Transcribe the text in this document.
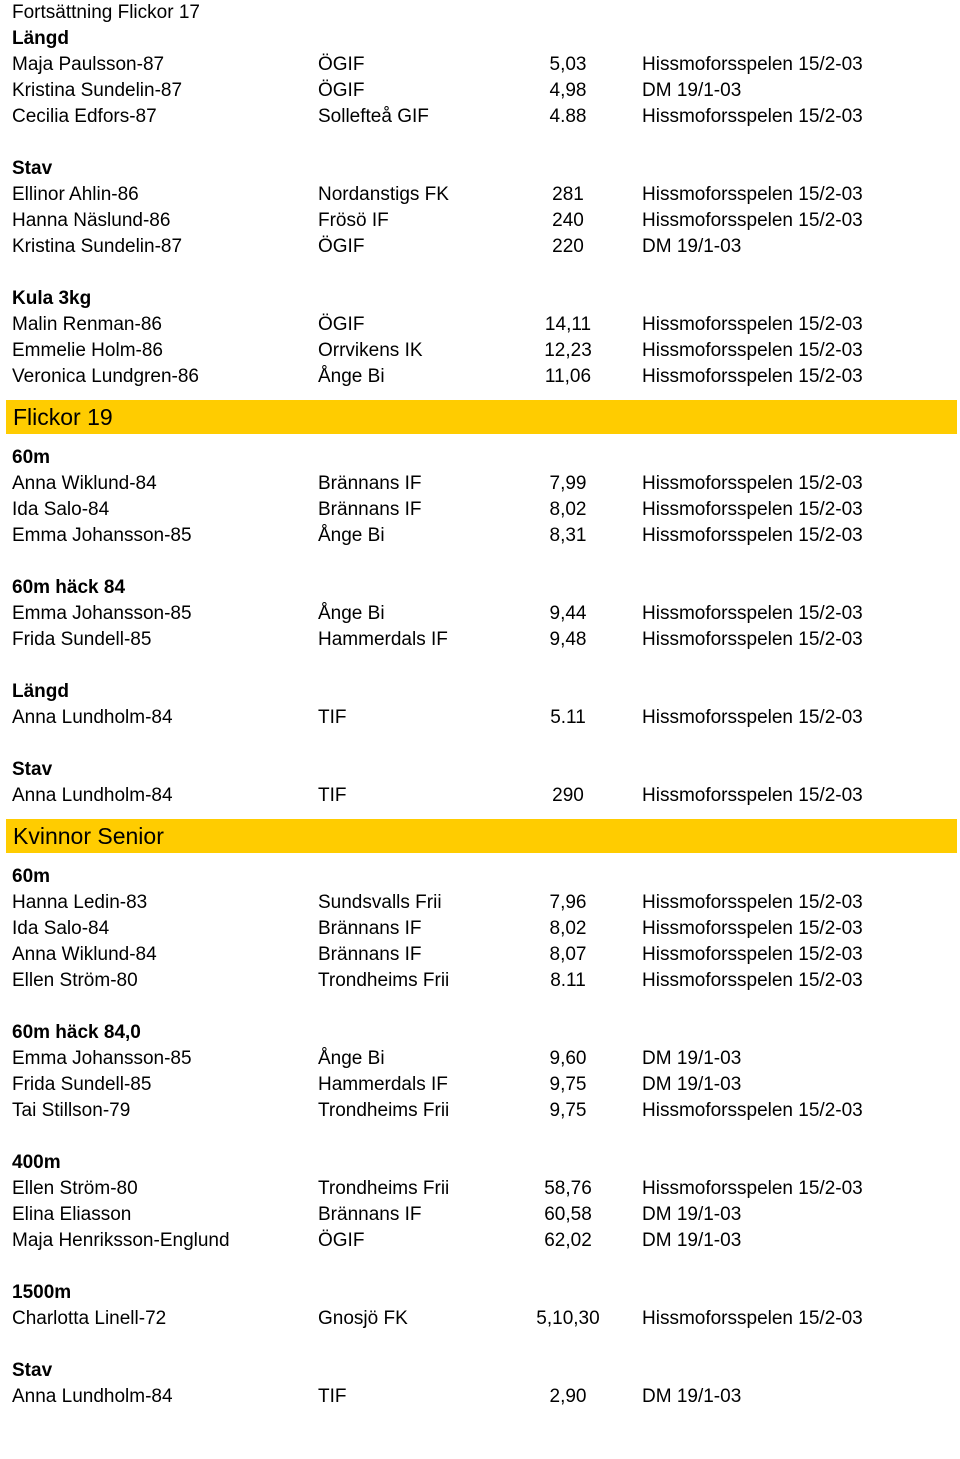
Fortsättning Flickor 17
Längd
Maja Paulsson-87	ÖGIF	5,03	Hissmoforsspelen 15/2-03
Kristina Sundelin-87	ÖGIF	4,98	DM 19/1-03
Cecilia Edfors-87	Sollefteå GIF	4.88	Hissmoforsspelen 15/2-03
Stav
Ellinor Ahlin-86	Nordanstigs FK	281	Hissmoforsspelen 15/2-03
Hanna Näslund-86	Frösö IF	240	Hissmoforsspelen 15/2-03
Kristina Sundelin-87	ÖGIF	220	DM 19/1-03
Kula 3kg
Malin Renman-86	ÖGIF	14,11	Hissmoforsspelen 15/2-03
Emmelie Holm-86	Orrvikens IK	12,23	Hissmoforsspelen 15/2-03
Veronica Lundgren-86	Ånge Bi	11,06	Hissmoforsspelen 15/2-03
Flickor 19
60m
Anna Wiklund-84	Brännans IF	7,99	Hissmoforsspelen 15/2-03
Ida Salo-84	Brännans IF	8,02	Hissmoforsspelen 15/2-03
Emma Johansson-85	Ånge Bi	8,31	Hissmoforsspelen 15/2-03
60m häck 84
Emma Johansson-85	Ånge Bi	9,44	Hissmoforsspelen 15/2-03
Frida Sundell-85	Hammerdals IF	9,48	Hissmoforsspelen 15/2-03
Längd
Anna Lundholm-84	TIF	5.11	Hissmoforsspelen 15/2-03
Stav
Anna Lundholm-84	TIF	290	Hissmoforsspelen 15/2-03
Kvinnor Senior
60m
Hanna Ledin-83	Sundsvalls Frii	7,96	Hissmoforsspelen 15/2-03
Ida Salo-84	Brännans IF	8,02	Hissmoforsspelen 15/2-03
Anna Wiklund-84	Brännans IF	8,07	Hissmoforsspelen 15/2-03
Ellen Ström-80	Trondheims Frii	8.11	Hissmoforsspelen 15/2-03
60m häck 84,0
Emma Johansson-85	Ånge Bi	9,60	DM 19/1-03
Frida Sundell-85	Hammerdals IF	9,75	DM 19/1-03
Tai Stillson-79	Trondheims Frii	9,75	Hissmoforsspelen 15/2-03
400m
Ellen Ström-80	Trondheims Frii	58,76	Hissmoforsspelen 15/2-03
Elina Eliasson	Brännans IF	60,58	DM 19/1-03
Maja Henriksson-Englund	ÖGIF	62,02	DM 19/1-03
1500m
Charlotta Linell-72	Gnosjö FK	5,10,30 Hissmoforsspelen 15/2-03
Stav
Anna Lundholm-84	TIF	2,90	DM 19/1-03
